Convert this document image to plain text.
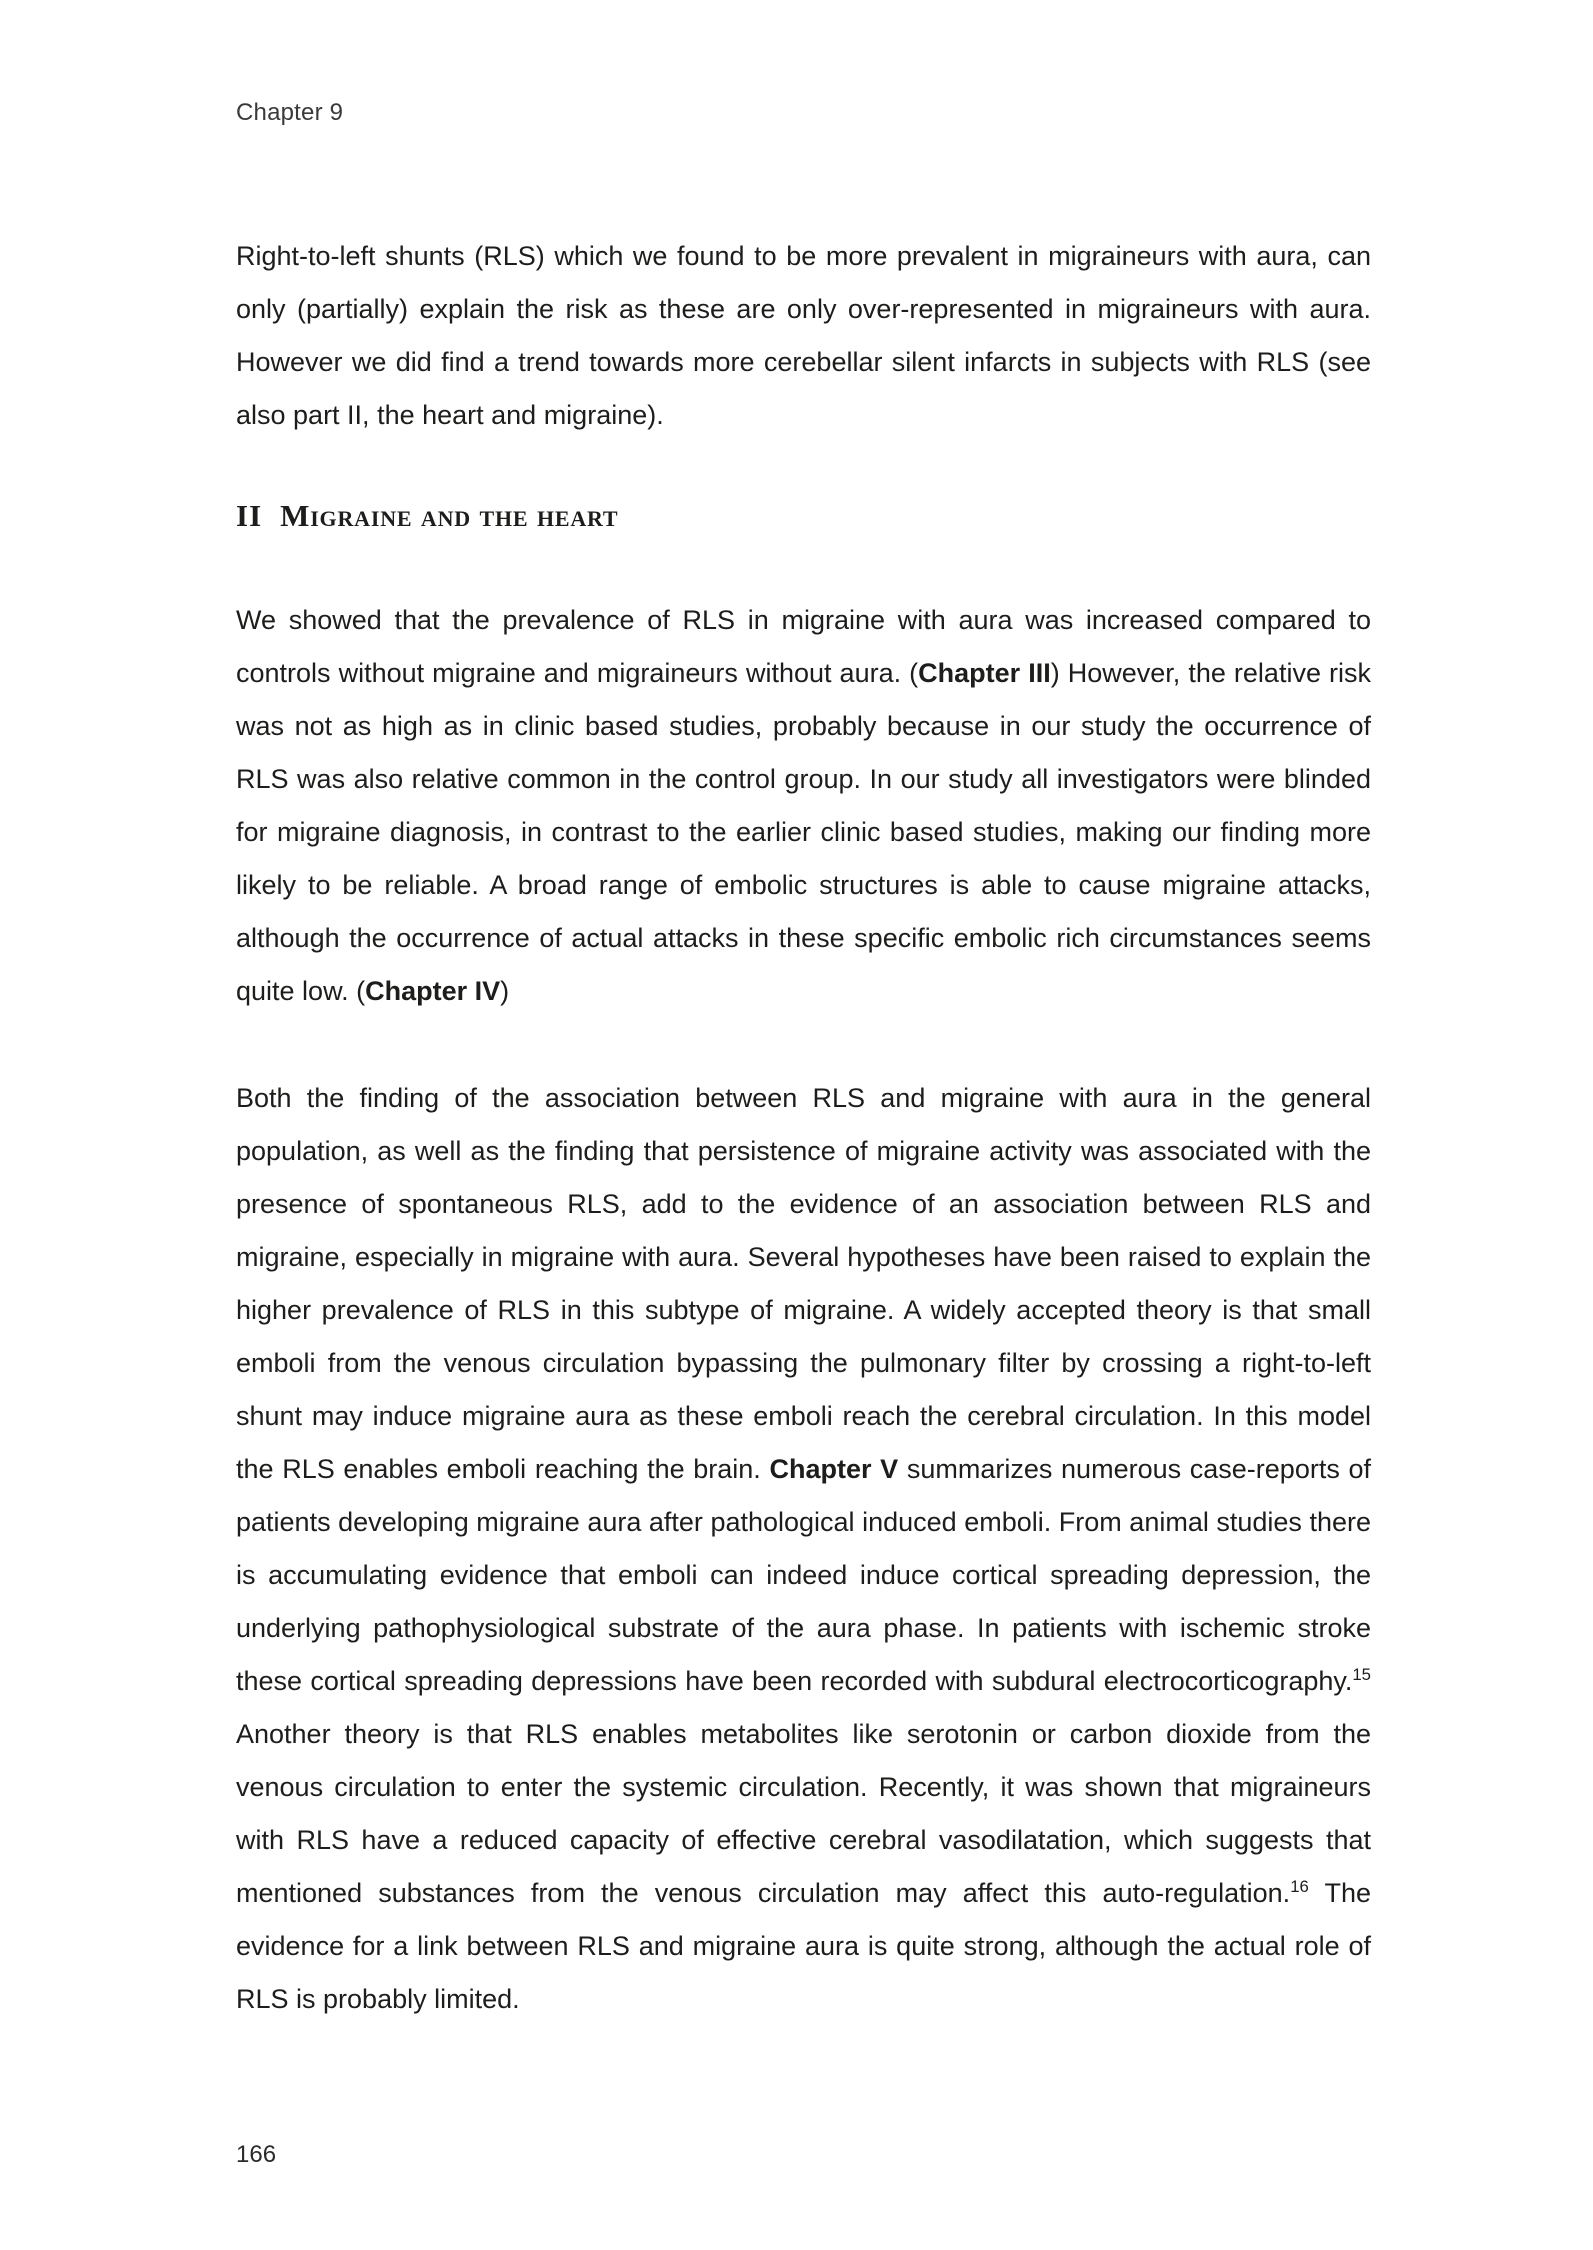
Chapter 9

Right-to-left shunts (RLS) which we found to be more prevalent in migraineurs with aura, can only (partially) explain the risk as these are only over-represented in migraineurs with aura. However we did find a trend towards more cerebellar silent infarcts in subjects with RLS (see also part II, the heart and migraine).

II Migraine and the heart

We showed that the prevalence of RLS in migraine with aura was increased compared to controls without migraine and migraineurs without aura. (Chapter III) However, the relative risk was not as high as in clinic based studies, probably because in our study the occurrence of RLS was also relative common in the control group. In our study all investigators were blinded for migraine diagnosis, in contrast to the earlier clinic based studies, making our finding more likely to be reliable. A broad range of embolic structures is able to cause migraine attacks, although the occurrence of actual attacks in these specific embolic rich circumstances seems quite low. (Chapter IV)

Both the finding of the association between RLS and migraine with aura in the general population, as well as the finding that persistence of migraine activity was associated with the presence of spontaneous RLS, add to the evidence of an association between RLS and migraine, especially in migraine with aura. Several hypotheses have been raised to explain the higher prevalence of RLS in this subtype of migraine. A widely accepted theory is that small emboli from the venous circulation bypassing the pulmonary filter by crossing a right-to-left shunt may induce migraine aura as these emboli reach the cerebral circulation. In this model the RLS enables emboli reaching the brain. Chapter V summarizes numerous case-reports of patients developing migraine aura after pathological induced emboli. From animal studies there is accumulating evidence that emboli can indeed induce cortical spreading depression, the underlying pathophysiological substrate of the aura phase. In patients with ischemic stroke these cortical spreading depressions have been recorded with subdural electrocorticography.$^{15}$ Another theory is that RLS enables metabolites like serotonin or carbon dioxide from the venous circulation to enter the systemic circulation. Recently, it was shown that migraineurs with RLS have a reduced capacity of effective cerebral vasodilatation, which suggests that mentioned substances from the venous circulation may affect this auto-regulation.$^{16}$ The evidence for a link between RLS and migraine aura is quite strong, although the actual role of RLS is probably limited.

166
